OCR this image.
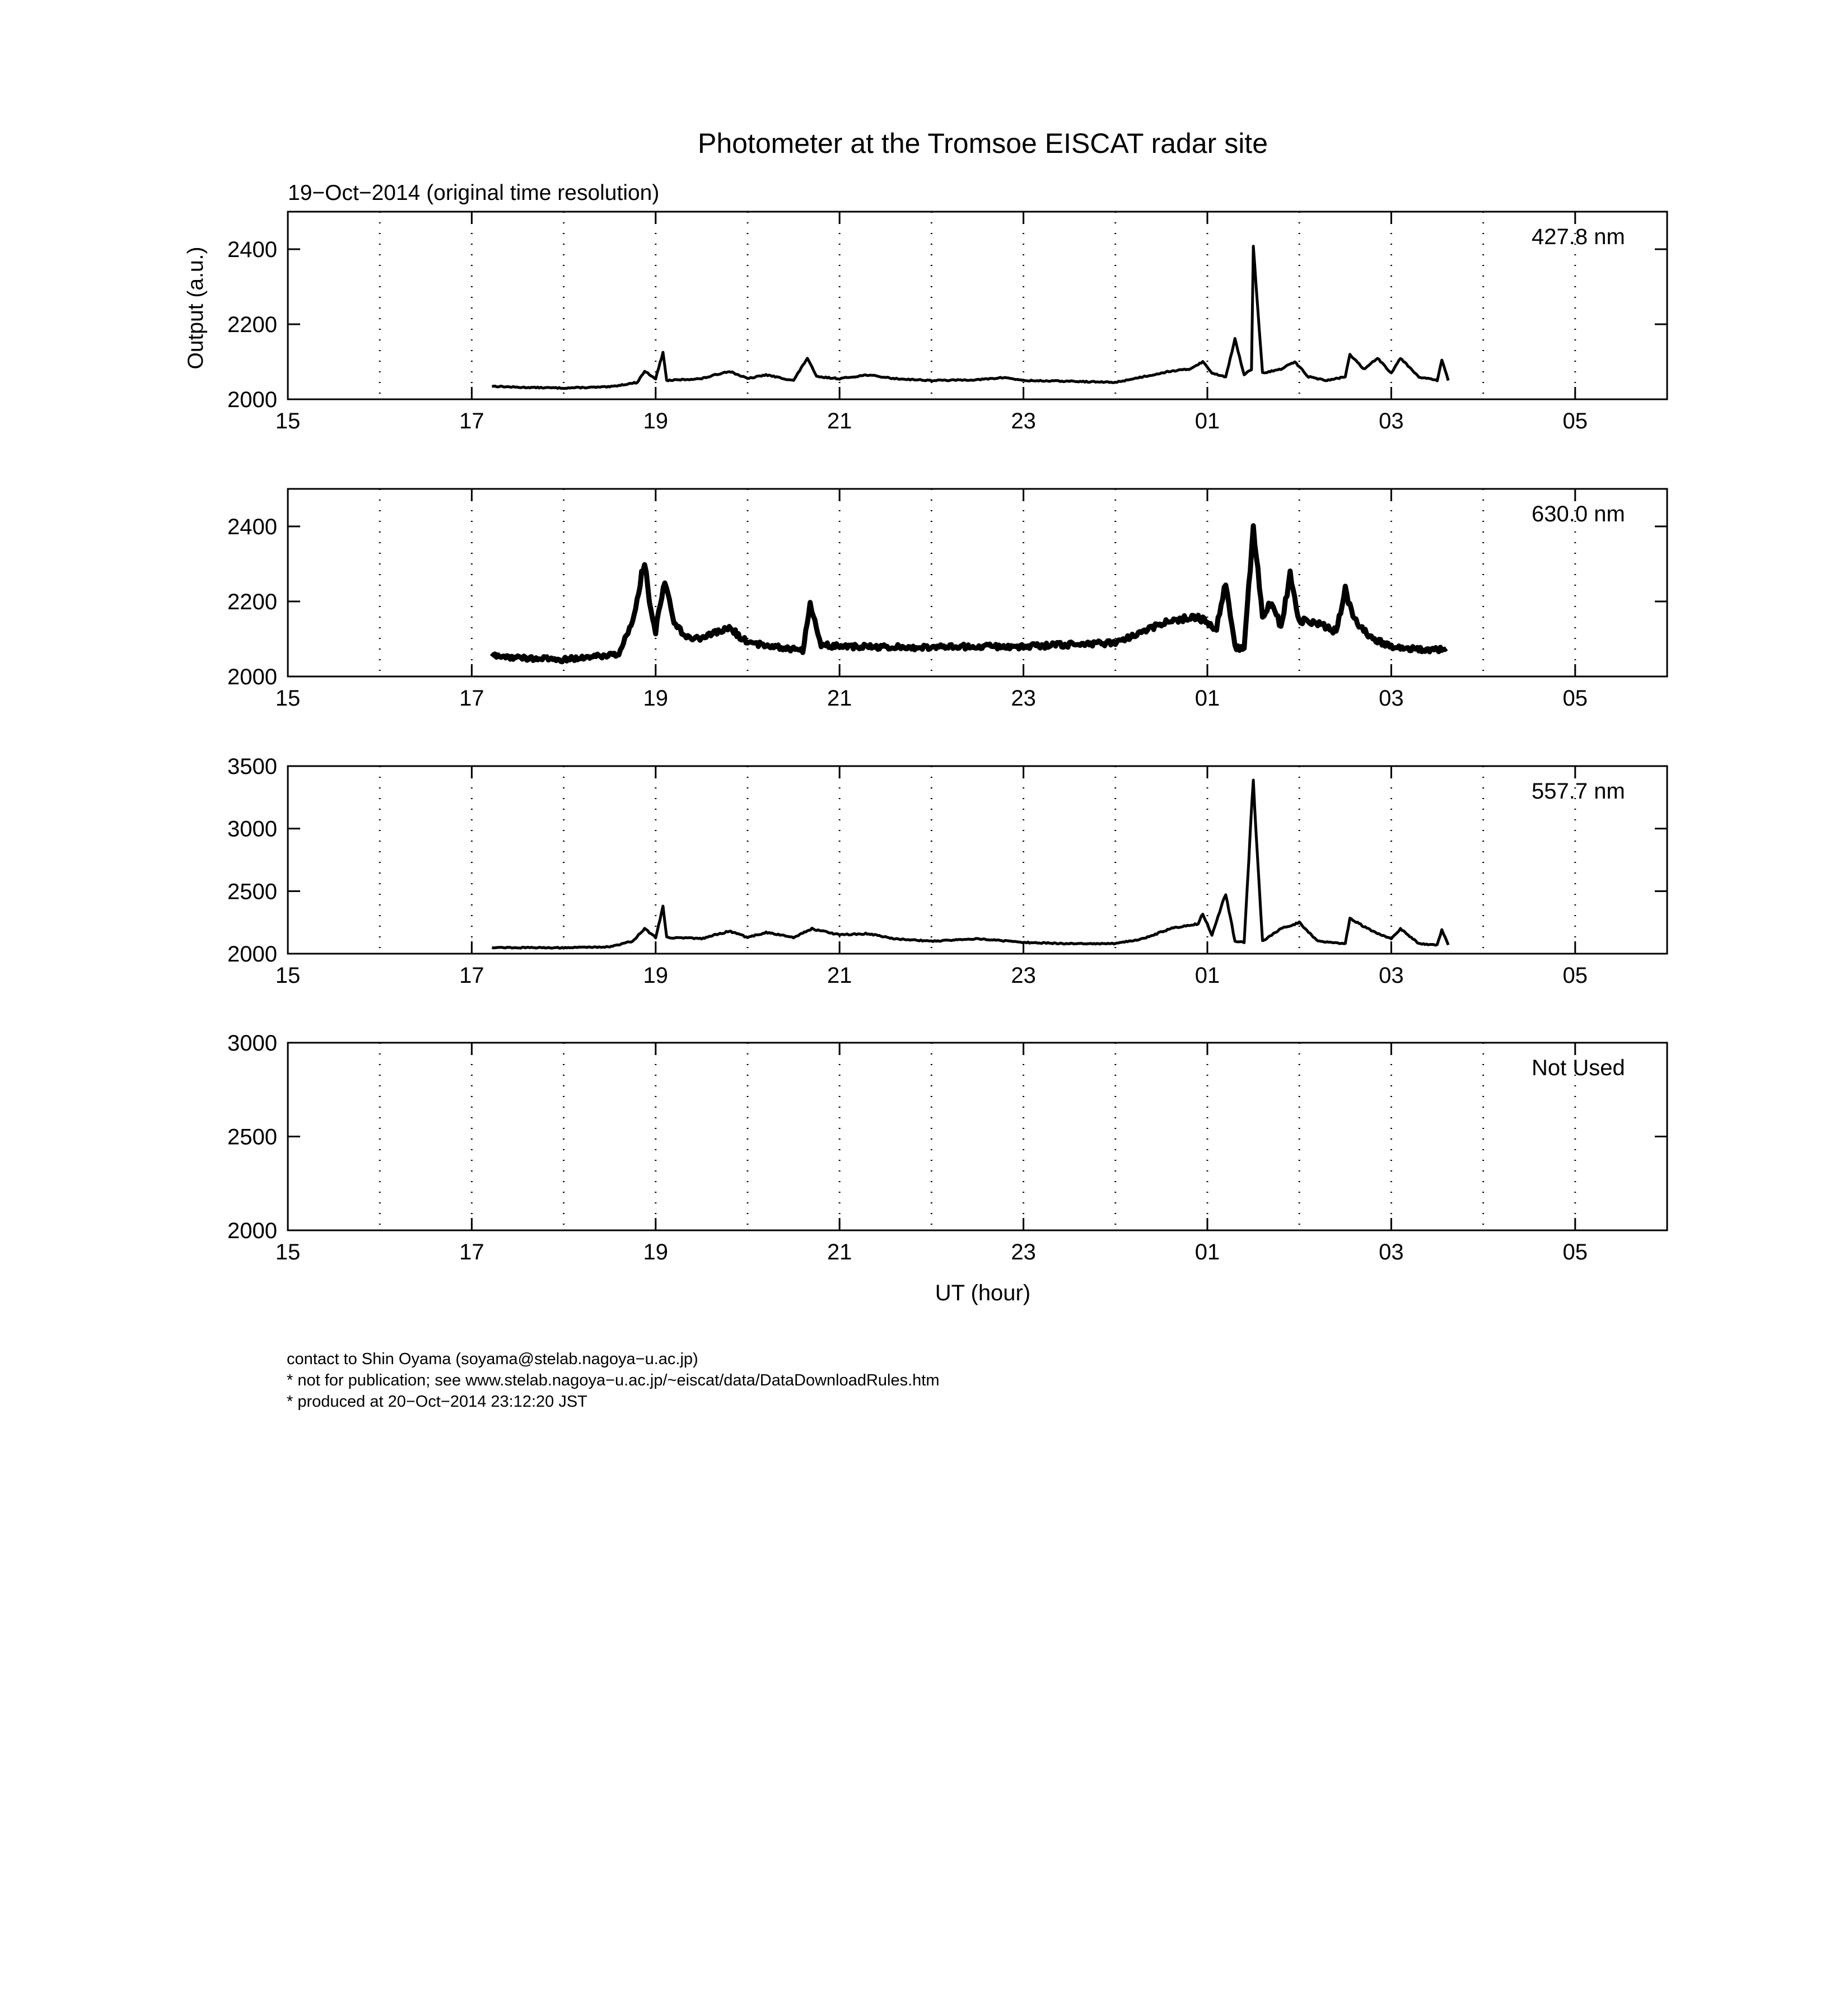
Photometer at the Tromsoe EISCAT radar site
19−Oct−2014 (original time resolution)
Output (a.u.)
UT (hour)
15	17	19	21	23	01	03	05
2000
2200
2400
427.8 nm
15	17	19	21	23	01	03	05
2000
2200
2400
630.0 nm
15	17	19	21	23	01	03	05
2000
2500
3000
3500
557.7 nm
15	17	19	21	23	01	03	05
2000
2500
3000
Not Used
contact to Shin Oyama (soyama@stelab.nagoya−u.ac.jp)
* not for publication; see www.stelab.nagoya−u.ac.jp/~eiscat/data/DataDownloadRules.htm
* produced at 20−Oct−2014 23:12:20 JST
